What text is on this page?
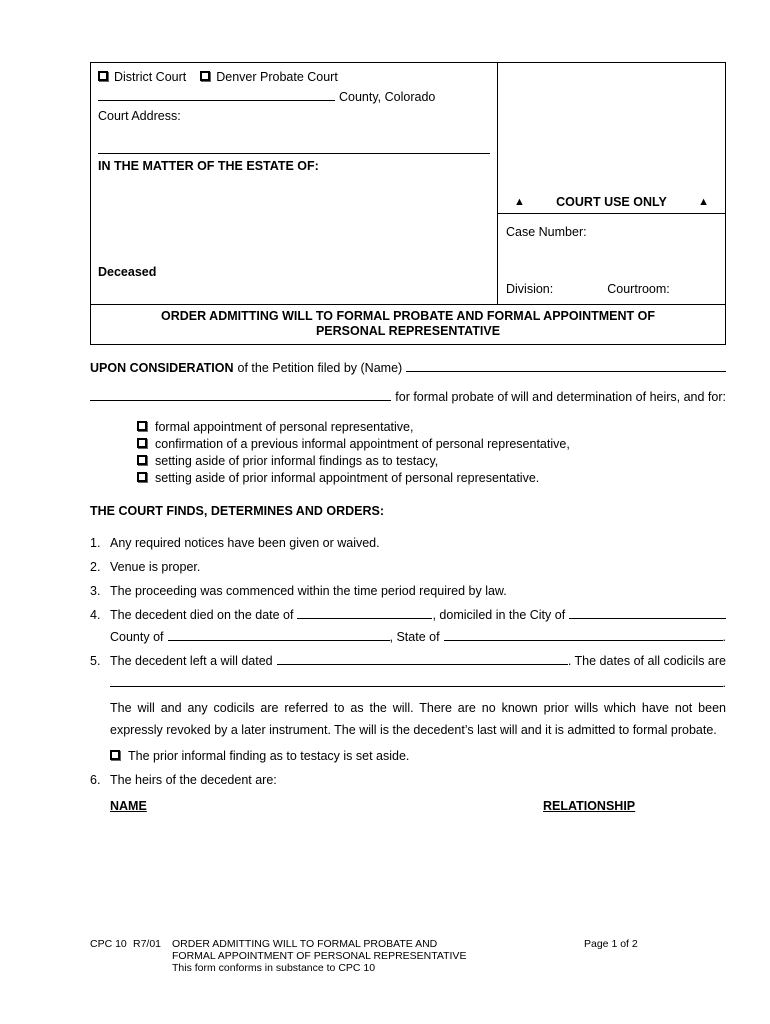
District Court Denver Probate Court
County, Colorado
Court Address:
IN THE MATTER OF THE ESTATE OF:
Deceased
▲	COURT USE ONLY	▲
Case Number:
Division:	Courtroom:
ORDER ADMITTING WILL TO FORMAL PROBATE AND FORMAL APPOINTMENT OF PERSONAL REPRESENTATIVE
UPON CONSIDERATION of the Petition filed by (Name)
for formal probate of will and determination of heirs, and for:
formal appointment of personal representative,
confirmation of a previous informal appointment of personal representative,
setting aside of prior informal findings as to testacy,
setting aside of prior informal appointment of personal representative.
THE COURT FINDS, DETERMINES AND ORDERS:
1. Any required notices have been given or waived.
2. Venue is proper.
3. The proceeding was commenced within the time period required by law.
4. The decedent died on the date of	, domiciled in the City of
County of	, State of	.
5. The decedent left a will dated	. The dates of all codicils are
.
The will and any codicils are referred to as the will. There are no known prior wills which have not been expressly revoked by a later instrument. The will is the decedent’s last will and it is admitted to formal probate.
The prior informal finding as to testacy is set aside.
6. The heirs of the decedent are:
NAME	RELATIONSHIP
CPC 10 R7/01	ORDER ADMITTING WILL TO FORMAL PROBATE AND
FORMAL APPOINTMENT OF PERSONAL REPRESENTATIVE
This form conforms in substance to CPC 10
Page 1 of 2
